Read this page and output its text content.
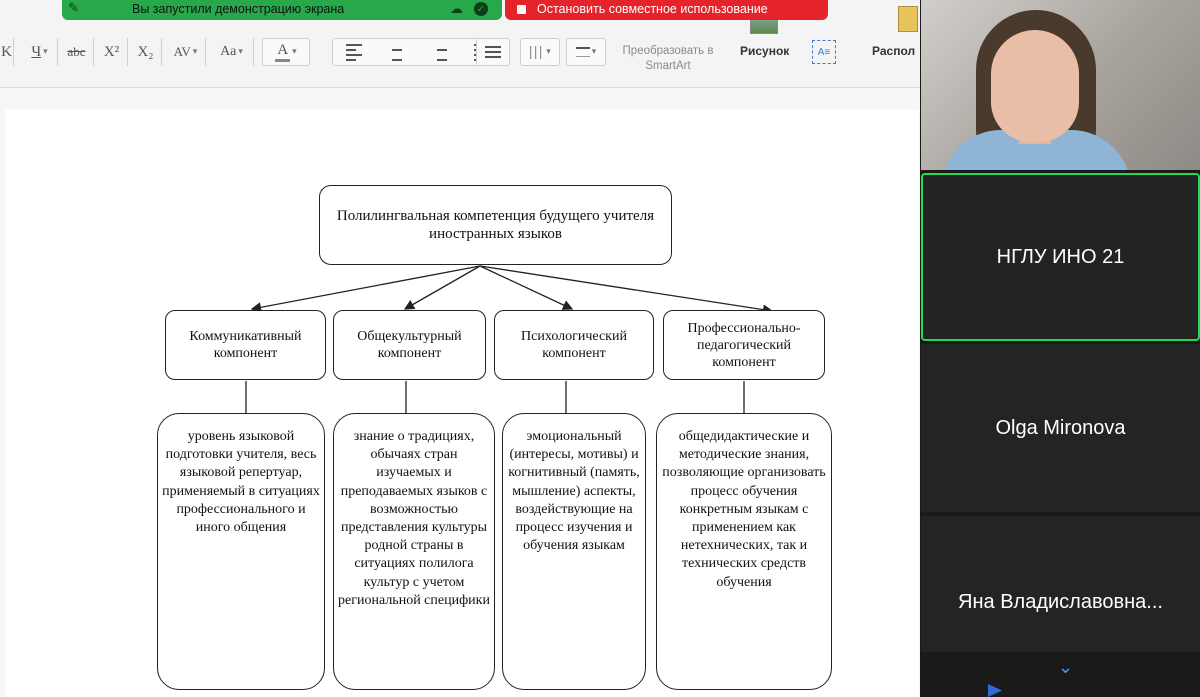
K Ч ▾ abc	X²	X₂	AV ▾ Aa ▾ A ▾	||| ▾	▾	Преобразовать в SmartArt
Рисунок	A≡	Распол
✎	Вы запустили демонстрацию экрана	☁ ✓	Остановить совместное использование
Полилингвальная компетенция будущего учителя иностранных языков
Коммуникативный компонент
Общекультурный компонент
Психологический компонент
Профессионально-педагогический компонент
уровень языковой подготовки учителя, весь языковой репертуар, применяемый в ситуациях профессионального и иного общения
знание о традициях, обычаях стран изучаемых и преподаваемых языков с возможностью представления культуры родной страны в ситуациях полилога культур с учетом региональной специфики
эмоциональный (интересы, мотивы) и когнитивный (память, мышление) аспекты, воздействующие на процесс изучения и обучения языкам
общедидактические и методические знания, позволяющие организовать процесс обучения конкретным языкам с применением как нетехнических, так и технических средств обучения
НГЛУ ИНО 21
Olga Mironova
Яна Владиславовна...
⌄
